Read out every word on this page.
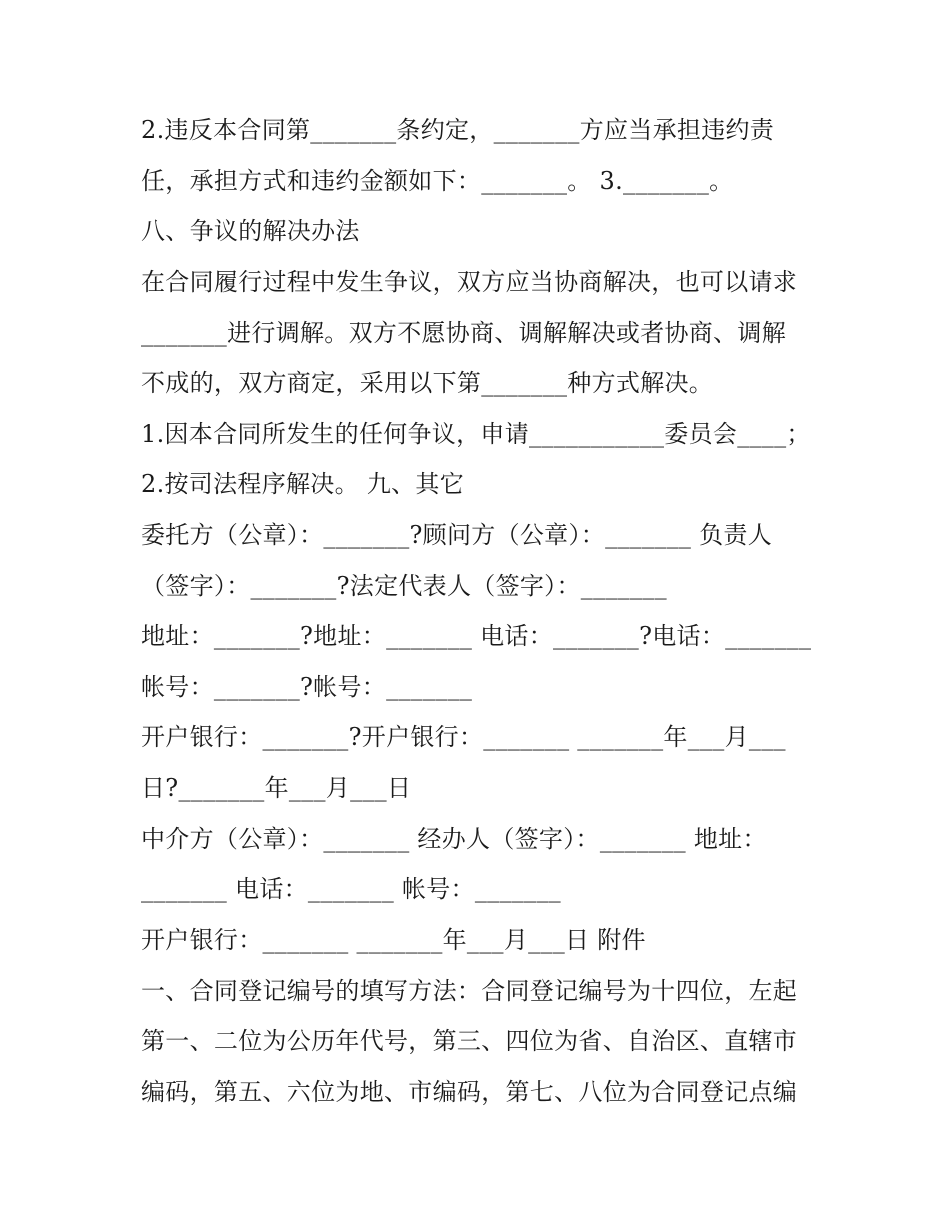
2.违反本合同第_______条约定，_______方应当承担违约责
任，承担方式和违约金额如下：_______。 3._______。
八、争议的解决办法
在合同履行过程中发生争议，双方应当协商解决，也可以请求
_______进行调解。双方不愿协商、调解解决或者协商、调解
不成的，双方商定，采用以下第_______种方式解决。
1.因本合同所发生的任何争议，申请___________委员会____；
2.按司法程序解决。 九、其它
委托方（公章）：_______?顾问方（公章）：_______ 负责人
（签字）：_______?法定代表人（签字）：_______
地址：_______?地址：_______ 电话：_______?电话：_______
帐号：_______?帐号：_______
开户银行：_______?开户银行：_______ _______年___月___
日?_______年___月___日
中介方（公章）：_______ 经办人（签字）：_______ 地址：
_______ 电话：_______ 帐号：_______
开户银行：_______ _______年___月___日 附件
一、合同登记编号的填写方法：合同登记编号为十四位，左起
第一、二位为公历年代号，第三、四位为省、自治区、直辖市
编码，第五、六位为地、市编码，第七、八位为合同登记点编
